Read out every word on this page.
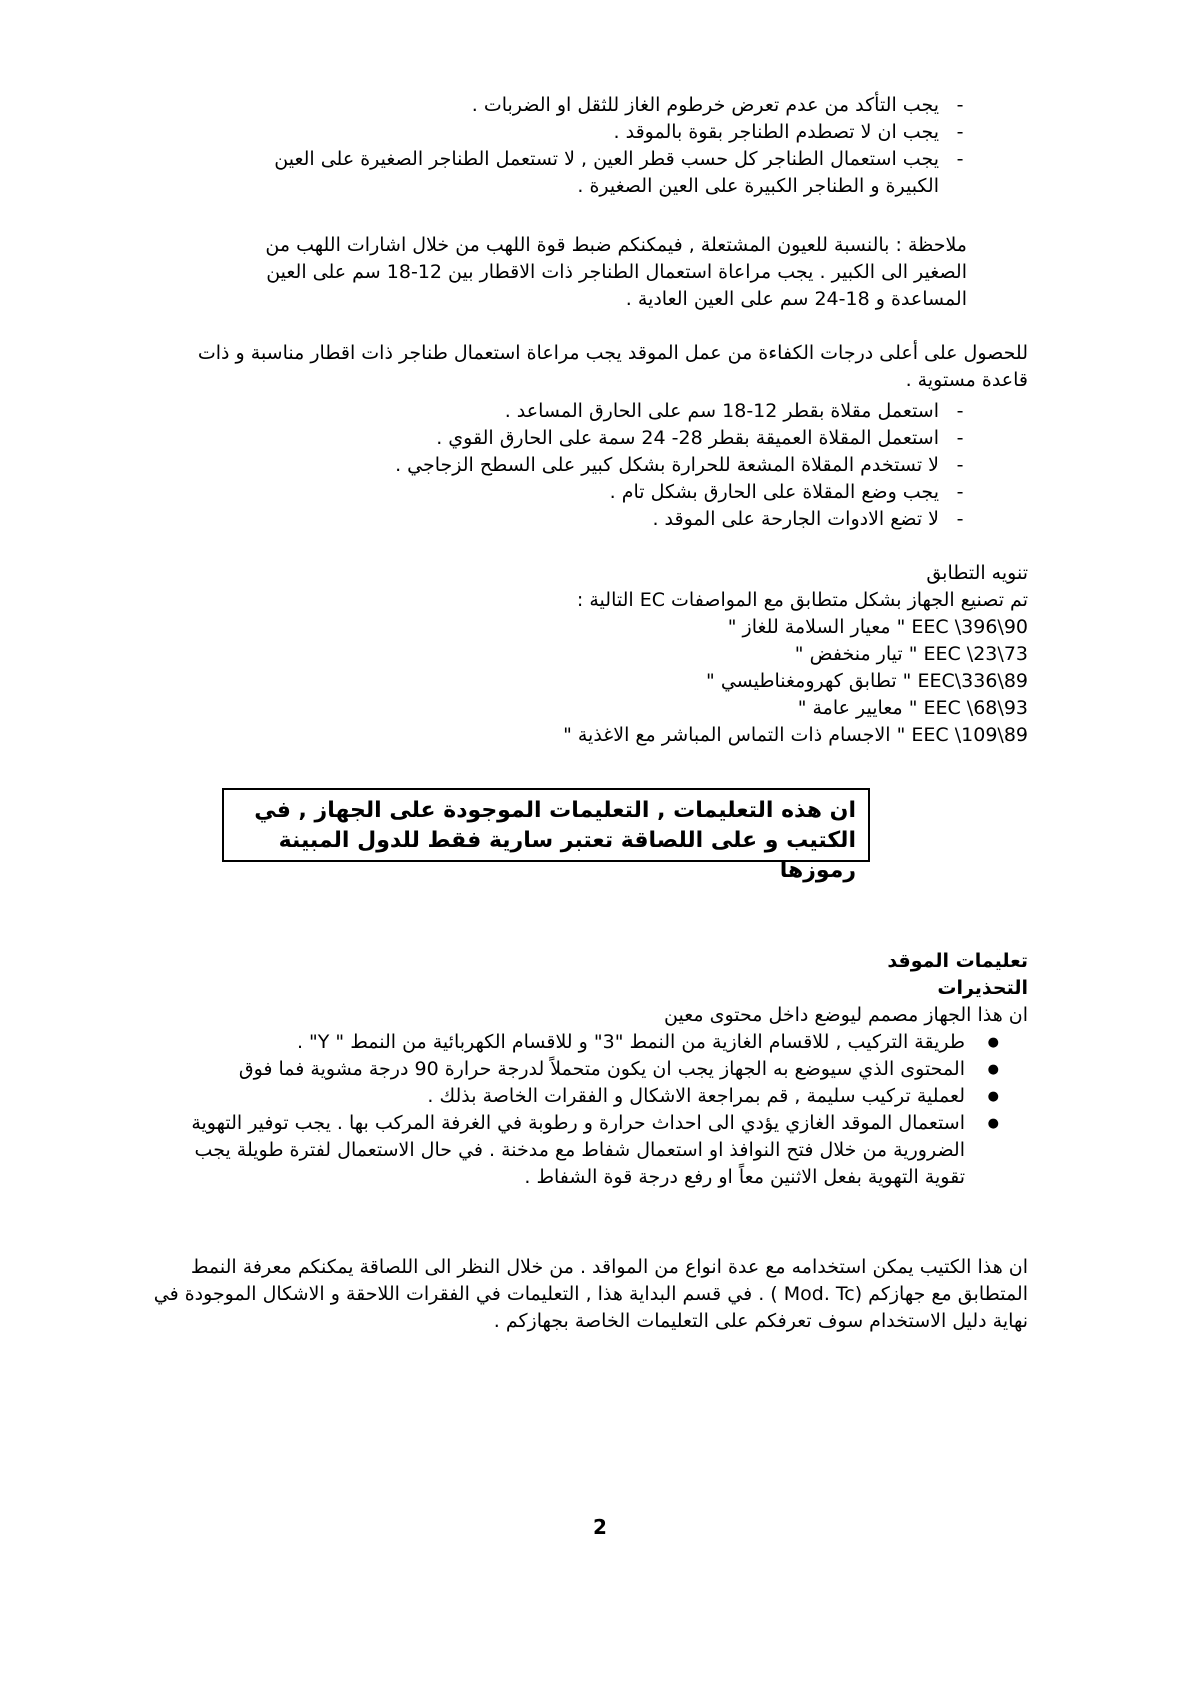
- يجب التأكد من عدم تعرض خرطوم الغاز للثقل او الضربات .
- يجب ان لا تصطدم الطناجر بقوة بالموقد .
- يجب استعمال الطناجر كل حسب قطر العين , لا تستعمل الطناجر الصغيرة على العين الكبيرة و الطناجر الكبيرة على العين الصغيرة .

ملاحظة : بالنسبة للعيون المشتعلة , فيمكنكم ضبط قوة اللهب من خلال اشارات اللهب من الصغير الى الكبير . يجب مراعاة استعمال الطناجر ذات الاقطار بين 12-18 سم على العين المساعدة و 18-24 سم على العين العادية .

للحصول على أعلى درجات الكفاءة من عمل الموقد يجب مراعاة استعمال طناجر ذات اقطار مناسبة و ذات قاعدة مستوية .

- استعمل مقلاة بقطر 12-18 سم على الحارق المساعد .
- استعمل المقلاة العميقة بقطر 28- 24 سمة على الحارق القوي .
- لا تستخدم المقلاة المشعة للحرارة بشكل كبير على السطح الزجاجي .
- يجب وضع المقلاة على الحارق بشكل تام .
- لا تضع الادوات الجارحة على الموقد .
تنويه التطابق
تم تصنيع الجهاز بشكل متطابق مع المواصفات EC التالية :
90\396\ EEC " معيار السلامة للغاز "
73\23\ EEC " تيار منخفض "
89\336\EEC " تطابق كهرومغناطيسي "
93\68\ EEC " معايير عامة "
89\109\ EEC " الاجسام ذات التماس المباشر مع الاغذية "
ان هذه التعليمات , التعليمات الموجودة على الجهاز , في الكتيب و على اللصاقة تعتبر سارية فقط للدول المبينة رموزها
تعليمات الموقد
التحذيرات
ان هذا الجهاز مصمم ليوضع داخل محتوى معين
● طريقة التركيب , للاقسام الغازية من النمط "3" و للاقسام الكهربائية من النمط " Y" .
● المحتوى الذي سيوضع به الجهاز يجب ان يكون متحملاً لدرجة حرارة 90 درجة مشوية فما فوق
● لعملية تركيب سليمة , قم بمراجعة الاشكال و الفقرات الخاصة بذلك .
● استعمال الموقد الغازي يؤدي الى احداث حرارة و رطوبة في الغرفة المركب بها . يجب توفير التهوية الضرورية من خلال فتح النوافذ او استعمال شفاط مع مدخنة . في حال الاستعمال لفترة طويلة يجب تقوية التهوية بفعل الاثنين معاً او رفع درجة قوة الشفاط .

ان هذا الكتيب يمكن استخدامه مع عدة انواع من المواقد . من خلال النظر الى اللصاقة يمكنكم معرفة النمط المتطابق مع جهازكم (Mod. Tc ) . في قسم البداية هذا , التعليمات في الفقرات اللاحقة و الاشكال الموجودة في نهاية دليل الاستخدام سوف تعرفكم على التعليمات الخاصة بجهازكم .

2
